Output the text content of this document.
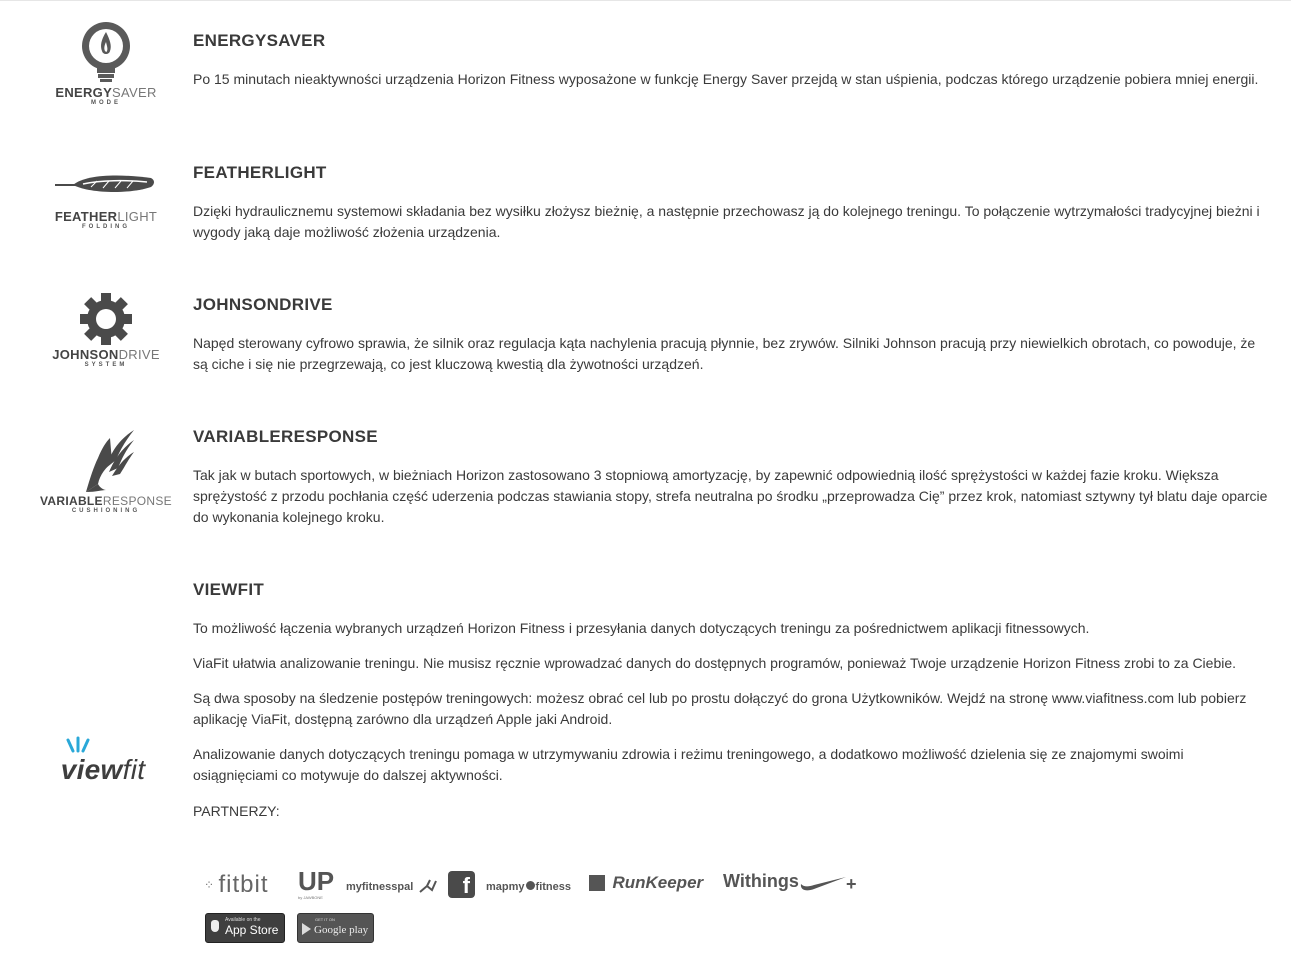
ENERGYSAVER
MODE
ENERGYSAVER

Po 15 minutach nieaktywności urządzenia Horizon Fitness wyposażone w funkcję Energy Saver przejdą w stan uśpienia, podczas którego urządzenie pobiera mniej energii.

FEATHERLIGHT
FOLDING
FEATHERLIGHT

Dzięki hydraulicznemu systemowi składania bez wysiłku złożysz bieżnię, a następnie przechowasz ją do kolejnego treningu. To połączenie wytrzymałości tradycyjnej bieżni i wygody jaką daje możliwość złożenia urządzenia.

JOHNSONDRIVE
SYSTEM
JOHNSONDRIVE

Napęd sterowany cyfrowo sprawia, że silnik oraz regulacja kąta nachylenia pracują płynnie, bez zrywów. Silniki Johnson pracują przy niewielkich obrotach, co powoduje, że są ciche i się nie przegrzewają, co jest kluczową kwestią dla żywotności urządzeń.

VARIABLERESPONSE
CUSHIONING
VARIABLERESPONSE

Tak jak w butach sportowych, w bieżniach Horizon zastosowano 3 stopniową amortyzację, by zapewnić odpowiednią ilość sprężystości w każdej fazie kroku. Większa sprężystość z przodu pochłania część uderzenia podczas stawiania stopy, strefa neutralna po środku „przeprowadza Cię” przez krok, natomiast sztywny tył blatu daje oparcie do wykonania kolejnego kroku.

viewfit
VIEWFIT

To możliwość łączenia wybranych urządzeń Horizon Fitness i przesyłania danych dotyczących treningu za pośrednictwem aplikacji fitnessowych.

ViaFit ułatwia analizowanie treningu. Nie musisz ręcznie wprowadzać danych do dostępnych programów, ponieważ Twoje urządzenie Horizon Fitness zrobi to za Ciebie.

Są dwa sposoby na śledzenie postępów treningowych: możesz obrać cel lub po prostu dołączyć do grona Użytkowników. Wejdź na stronę www.viafitness.com lub pobierz aplikację ViaFit, dostępną zarówno dla urządzeń Apple jaki Android.

Analizowanie danych dotyczących treningu pomaga w utrzymywaniu zdrowia i reżimu treningowego, a dodatkowo możliwość dzielenia się ze znajomymi swoimi osiągnięciami co motywuje do dalszej aktywności.

PARTNERZY:

⁘ fitbit UP
by JAWBONE
myfitnesspal	f	mapmy fitness	RunKeeper Withings	+
Available on the
App Store
GET IT ON
Google play
